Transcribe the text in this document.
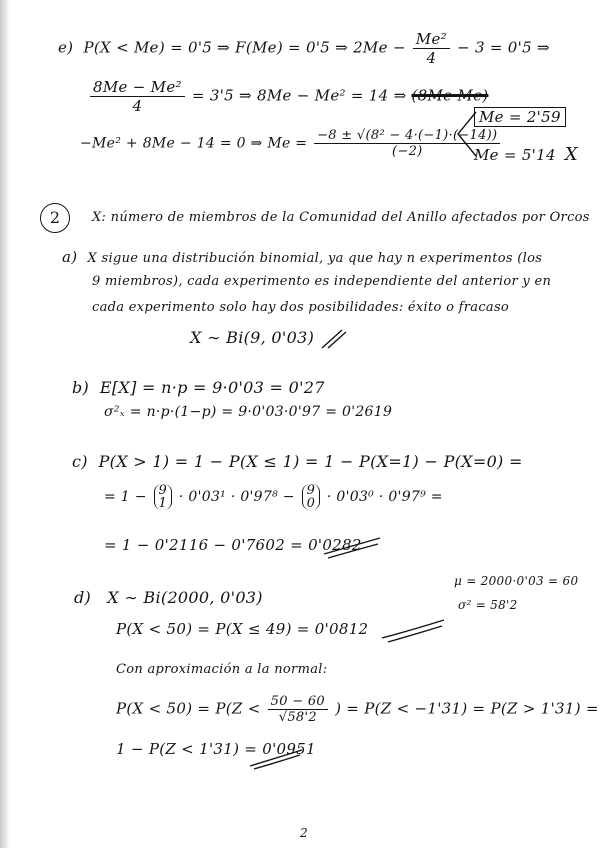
e) P(X < Me) = 0'5 ⇒ F(Me) = 0'5 ⇒ $2Me - \frac{\text{Me²}}{4} - 3 = 0'5$ ⇒
$\frac{\text{8Me − Me²}}{4} = 3'5$ ⇒ 8Me − Me² = 14 ⇒ (8Me·Me)
−Me² + 8Me − 14 = 0 ⇒ $Me = \frac{\text{−8 ± √(8² − 4·(−1)·(−14))}}{(-2)}$
Me = 2'59
Me = 5'14 X
2	X: número de miembros de la Comunidad del Anillo afectados por Orcos
a) X sigue una distribución binomial, ya que hay n experimentos (los
9 miembros), cada experimento es independiente del anterior y en
cada experimento solo hay dos posibilidades: éxito o fracaso
X ∼ Bi(9, 0'03)
b) E[X] = n·p = 9·0'03 = 0'27
σ²ₓ = n·p·(1−p) = 9·0'03·0'97 = 0'2619
c) P(X > 1) = 1 − P(X ≤ 1) = 1 − P(X=1) − P(X=0) =
= 1 − 9
1 · 0'03¹ · 0'97⁸ − 9
0 · 0'03⁰ · 0'97⁹ =
= 1 − 0'2116 − 0'7602 = 0'0282
d) X ∼ Bi(2000, 0'03)
μ = 2000·0'03 = 60
σ² = 58'2
P(X < 50) = P(X ≤ 49) = 0'0812
Con aproximación a la normal:
$P(X < 50) = P(Z < \frac{50 - 60}{√58'2}$ ) = P(Z < −1'31) = P(Z > 1'31) =
1 − P(Z < 1'31) = 0'0951
2
